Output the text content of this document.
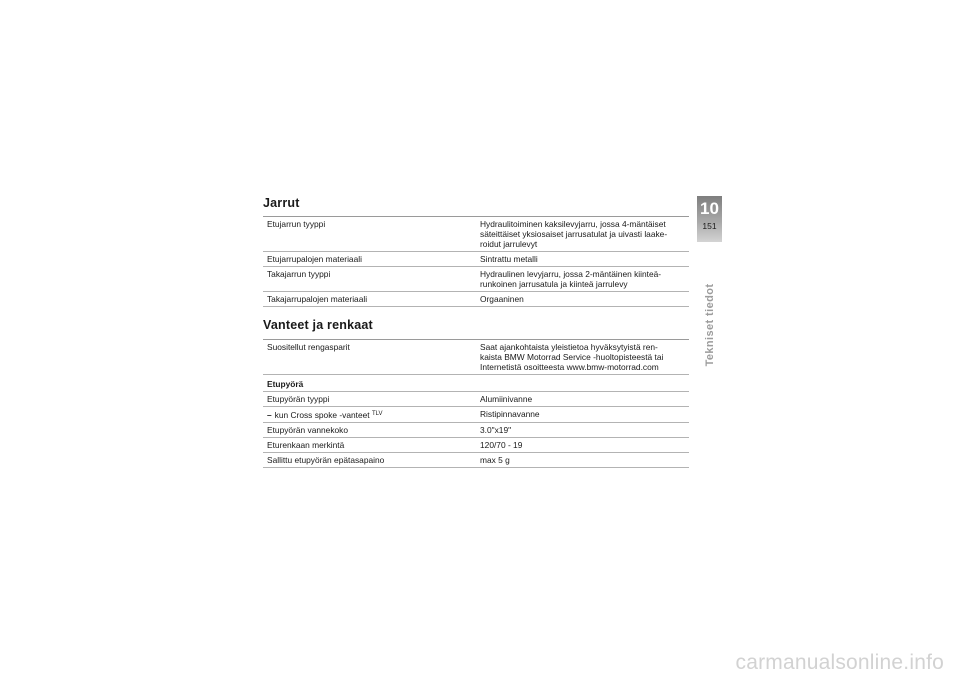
Jarrut
Etujarrun tyyppi	Hydraulitoiminen kaksilevyjarru, jossa 4-mäntäiset
säteittäiset yksiosaiset jarrusatulat ja uivasti laake-
roidut jarrulevyt
Etujarrupalojen materiaali	Sintrattu metalli
Takajarrun tyyppi	Hydraulinen levyjarru, jossa 2-mäntäinen kiinteä-
runkoinen jarrusatula ja kiinteä jarrulevy
Takajarrupalojen materiaali	Orgaaninen
Vanteet ja renkaat
Suositellut rengasparit	Saat ajankohtaista yleistietoa hyväksytyistä ren-
kaista BMW Motorrad Service -huoltopisteestä tai
Internetistä osoitteesta www.bmw-motorrad.com
Etupyörä	
Etupyörän tyyppi	Alumiinivanne
– kun Cross spoke -vanteet $^{TLV}$	Ristipinnavanne
Etupyörän vannekoko	3.0"x19"
Eturenkaan merkintä	120/70 - 19
Sallittu etupyörän epätasapaino	max 5 g
10
151
Tekniset tiedot
carmanualsonline.info
